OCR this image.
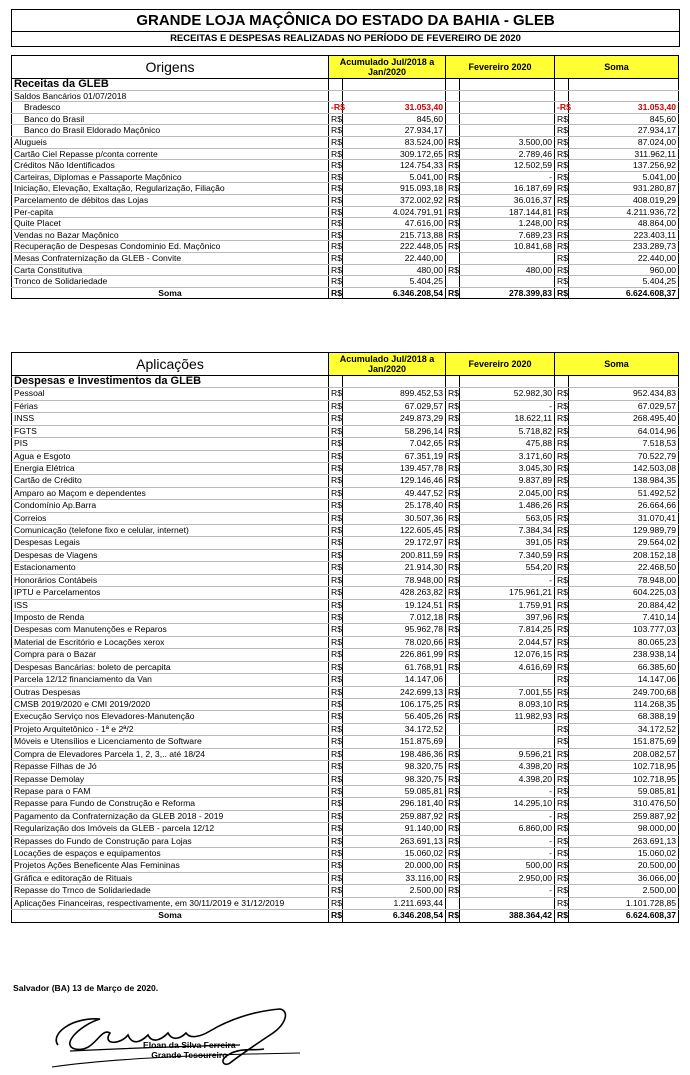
GRANDE LOJA MAÇÔNICA DO ESTADO DA BAHIA - GLEB
RECEITAS E DESPESAS REALIZADAS NO PERÍODO DE FEVEREIRO DE 2020
Origens	Acumulado Jul/2018 a Jan/2020		Fevereiro 2020		Soma	
Receitas da GLEB						
Saldos Bancários 01/07/2018						
Bradesco	-R$	31.053,40			-R$	31.053,40
Banco do Brasil	R$	845,60			R$	845,60
Banco do Brasil Eldorado Maçônico	R$	27.934,17			R$	27.934,17
Alugueis	R$	83.524,00	R$	3.500,00	R$	87.024,00
Cartão Ciel Repasse p/conta corrente	R$	309.172,65	R$	2.789,46	R$	311.962,11
Créditos Não Identificados	R$	124.754,33	R$	12.502,59	R$	137.256,92
Carteiras, Diplomas e Passaporte Maçônico	R$	5.041,00	R$	-	R$	5.041,00
Iniciação, Elevação, Exaltação, Regularização, Filiação	R$	915.093,18	R$	16.187,69	R$	931.280,87
Parcelamento de débitos das Lojas	R$	372.002,92	R$	36.016,37	R$	408.019,29
Per-capita	R$	4.024.791,91	R$	187.144,81	R$	4.211.936,72
Quite Placet	R$	47.616,00	R$	1.248,00	R$	48.864,00
Vendas no Bazar Maçônico	R$	215.713,88	R$	7.689,23	R$	223.403,11
Recuperação de Despesas Condominio Ed. Maçônico	R$	222.448,05	R$	10.841,68	R$	233.289,73
Mesas Confraternização da GLEB - Convite	R$	22.440,00			R$	22.440,00
Carta Constitutiva	R$	480,00	R$	480,00	R$	960,00
Tronco de Solidariedade	R$	5.404,25			R$	5.404,25
Soma	R$	6.346.208,54	R$	278.399,83	R$	6.624.608,37
Aplicações	Acumulado Jul/2018 a Jan/2020		Fevereiro 2020		Soma	
Despesas e Investimentos da GLEB						
Pessoal	R$	899.452,53	R$	52.982,30	R$	952.434,83
Férias	R$	67.029,57	R$	-	R$	67.029,57
INSS	R$	249.873,29	R$	18.622,11	R$	268.495,40
FGTS	R$	58.296,14	R$	5.718,82	R$	64.014,96
PIS	R$	7.042,65	R$	475,88	R$	7.518,53
Agua e Esgoto	R$	67.351,19	R$	3.171,60	R$	70.522,79
Energia Elétrica	R$	139.457,78	R$	3.045,30	R$	142.503,08
Cartão de Crédito	R$	129.146,46	R$	9.837,89	R$	138.984,35
Amparo ao Maçom e dependentes	R$	49.447,52	R$	2.045,00	R$	51.492,52
Condomínio Ap.Barra	R$	25.178,40	R$	1.486,26	R$	26.664,66
Correios	R$	30.507,36	R$	563,05	R$	31.070,41
Comunicação (telefone fixo e celular, internet)	R$	122.605,45	R$	7.384,34	R$	129.989,79
Despesas Legais	R$	29.172,97	R$	391,05	R$	29.564,02
Despesas de Viagens	R$	200.811,59	R$	7.340,59	R$	208.152,18
Estacionamento	R$	21.914,30	R$	554,20	R$	22.468,50
Honorários Contábeis	R$	78.948,00	R$	-	R$	78.948,00
IPTU e Parcelamentos	R$	428.263,82	R$	175.961,21	R$	604.225,03
ISS	R$	19.124,51	R$	1.759,91	R$	20.884,42
Imposto de Renda	R$	7.012,18	R$	397,96	R$	7.410,14
Despesas com Manutenções e Reparos	R$	95.962,78	R$	7.814,25	R$	103.777,03
Material de Escritório e Locações xerox	R$	78.020,66	R$	2.044,57	R$	80.065,23
Compra para o Bazar	R$	226.861,99	R$	12.076,15	R$	238.938,14
Despesas Bancárias: boleto de percapita	R$	61.768,91	R$	4.616,69	R$	66.385,60
Parcela 12/12 financiamento da Van	R$	14.147,06			R$	14.147,06
Outras Despesas	R$	242.699,13	R$	7.001,55	R$	249.700,68
CMSB 2019/2020 e CMI 2019/2020	R$	106.175,25	R$	8.093,10	R$	114.268,35
Execução Serviço nos Elevadores-Manutenção	R$	56.405,26	R$	11.982,93	R$	68.388,19
Projeto Arquitetônico - 1ª e 2ª/2	R$	34.172,52			R$	34.172,52
Móveis e Utensílios e Licenciamento de Software	R$	151.875,69			R$	151.875,69
Compra de Elevadores Parcela 1, 2, 3,.. até 18/24	R$	198.486,36	R$	9.596,21	R$	208.082,57
Repasse Filhas de Jó	R$	98.320,75	R$	4.398,20	R$	102.718,95
Repasse Demolay	R$	98.320,75	R$	4.398,20	R$	102.718,95
Repase para o FAM	R$	59.085,81	R$	-	R$	59.085,81
Repasse para Fundo de Construção e Reforma	R$	296.181,40	R$	14.295,10	R$	310.476,50
Pagamento da Confraternização da GLEB 2018 - 2019	R$	259.887,92	R$	-	R$	259.887,92
Regularização dos Imóveis da GLEB - parcela 12/12	R$	91.140,00	R$	6.860,00	R$	98.000,00
Repasses do Fundo de Construção para Lojas	R$	263.691,13	R$	-	R$	263.691,13
Locações de espaços e equipamentos	R$	15.060,02	R$	-	R$	15.060,02
Projetos Ações Beneficente Alas Femininas	R$	20.000,00	R$	500,00	R$	20.500,00
Gráfica e editoração de Rituais	R$	33.116,00	R$	2.950,00	R$	36.066,00
Repasse do Trnco de Solidariedade	R$	2.500,00	R$	-	R$	2.500,00
Aplicações Financeiras, respectivamente, em 30/11/2019 e 31/12/2019	R$	1.211.693,44			R$	1.101.728,85
Soma	R$	6.346.208,54	R$	388.364,42	R$	6.624.608,37
Salvador (BA) 13 de Março de 2020.
Eloan da Silva Ferreira
Grande Tesoureiro
